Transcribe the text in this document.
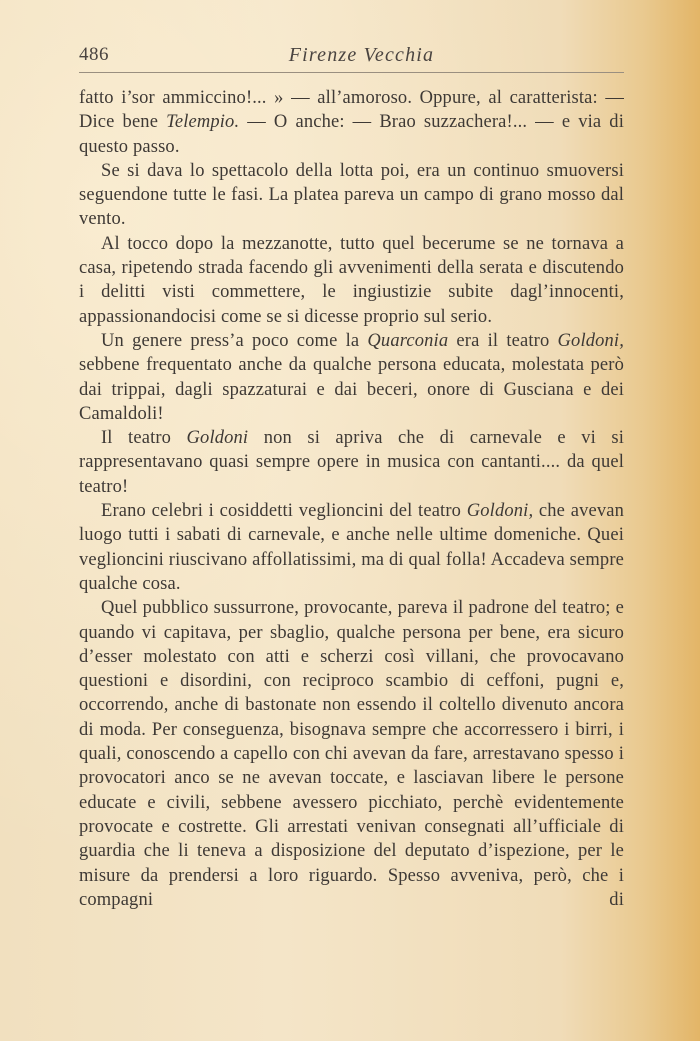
486	Firenze Vecchia

fatto i’sor ammiccino!... » — all’amoroso. Oppure, al caratterista: — Dice bene Telempio. — O anche: — Brao suzzachera!... — e via di questo passo.

Se si dava lo spettacolo della lotta poi, era un continuo smuoversi seguendone tutte le fasi. La platea pareva un campo di grano mosso dal vento.

Al tocco dopo la mezzanotte, tutto quel becerume se ne tornava a casa, ripetendo strada facendo gli avvenimenti della serata e discutendo i delitti visti commettere, le ingiustizie subite dagl’innocenti, appassionandocisi come se si dicesse proprio sul serio.

Un genere press’a poco come la Quarconia era il teatro Goldoni, sebbene frequentato anche da qualche persona educata, molestata però dai trippai, dagli spazzaturai e dai beceri, onore di Gusciana e dei Camaldoli!

Il teatro Goldoni non si apriva che di carnevale e vi si rappresentavano quasi sempre opere in musica con cantanti.... da quel teatro!

Erano celebri i cosiddetti veglioncini del teatro Goldoni, che avevan luogo tutti i sabati di carnevale, e anche nelle ultime domeniche. Quei veglioncini riuscivano affollatissimi, ma di qual folla! Accadeva sempre qualche cosa.

Quel pubblico sussurrone, provocante, pareva il padrone del teatro; e quando vi capitava, per sbaglio, qualche persona per bene, era sicuro d’esser molestato con atti e scherzi così villani, che provocavano questioni e disordini, con reciproco scambio di ceffoni, pugni e, occorrendo, anche di bastonate non essendo il coltello divenuto ancora di moda. Per conseguenza, bisognava sempre che accorressero i birri, i quali, conoscendo a capello con chi avevan da fare, arrestavano spesso i provocatori anco se ne avevan toccate, e lasciavan libere le persone educate e civili, sebbene avessero picchiato, perchè evidentemente provocate e costrette. Gli arrestati venivan consegnati all’ufficiale di guardia che li teneva a disposizione del deputato d’ispezione, per le misure da prendersi a loro riguardo. Spesso avveniva, però, che i compagni di
